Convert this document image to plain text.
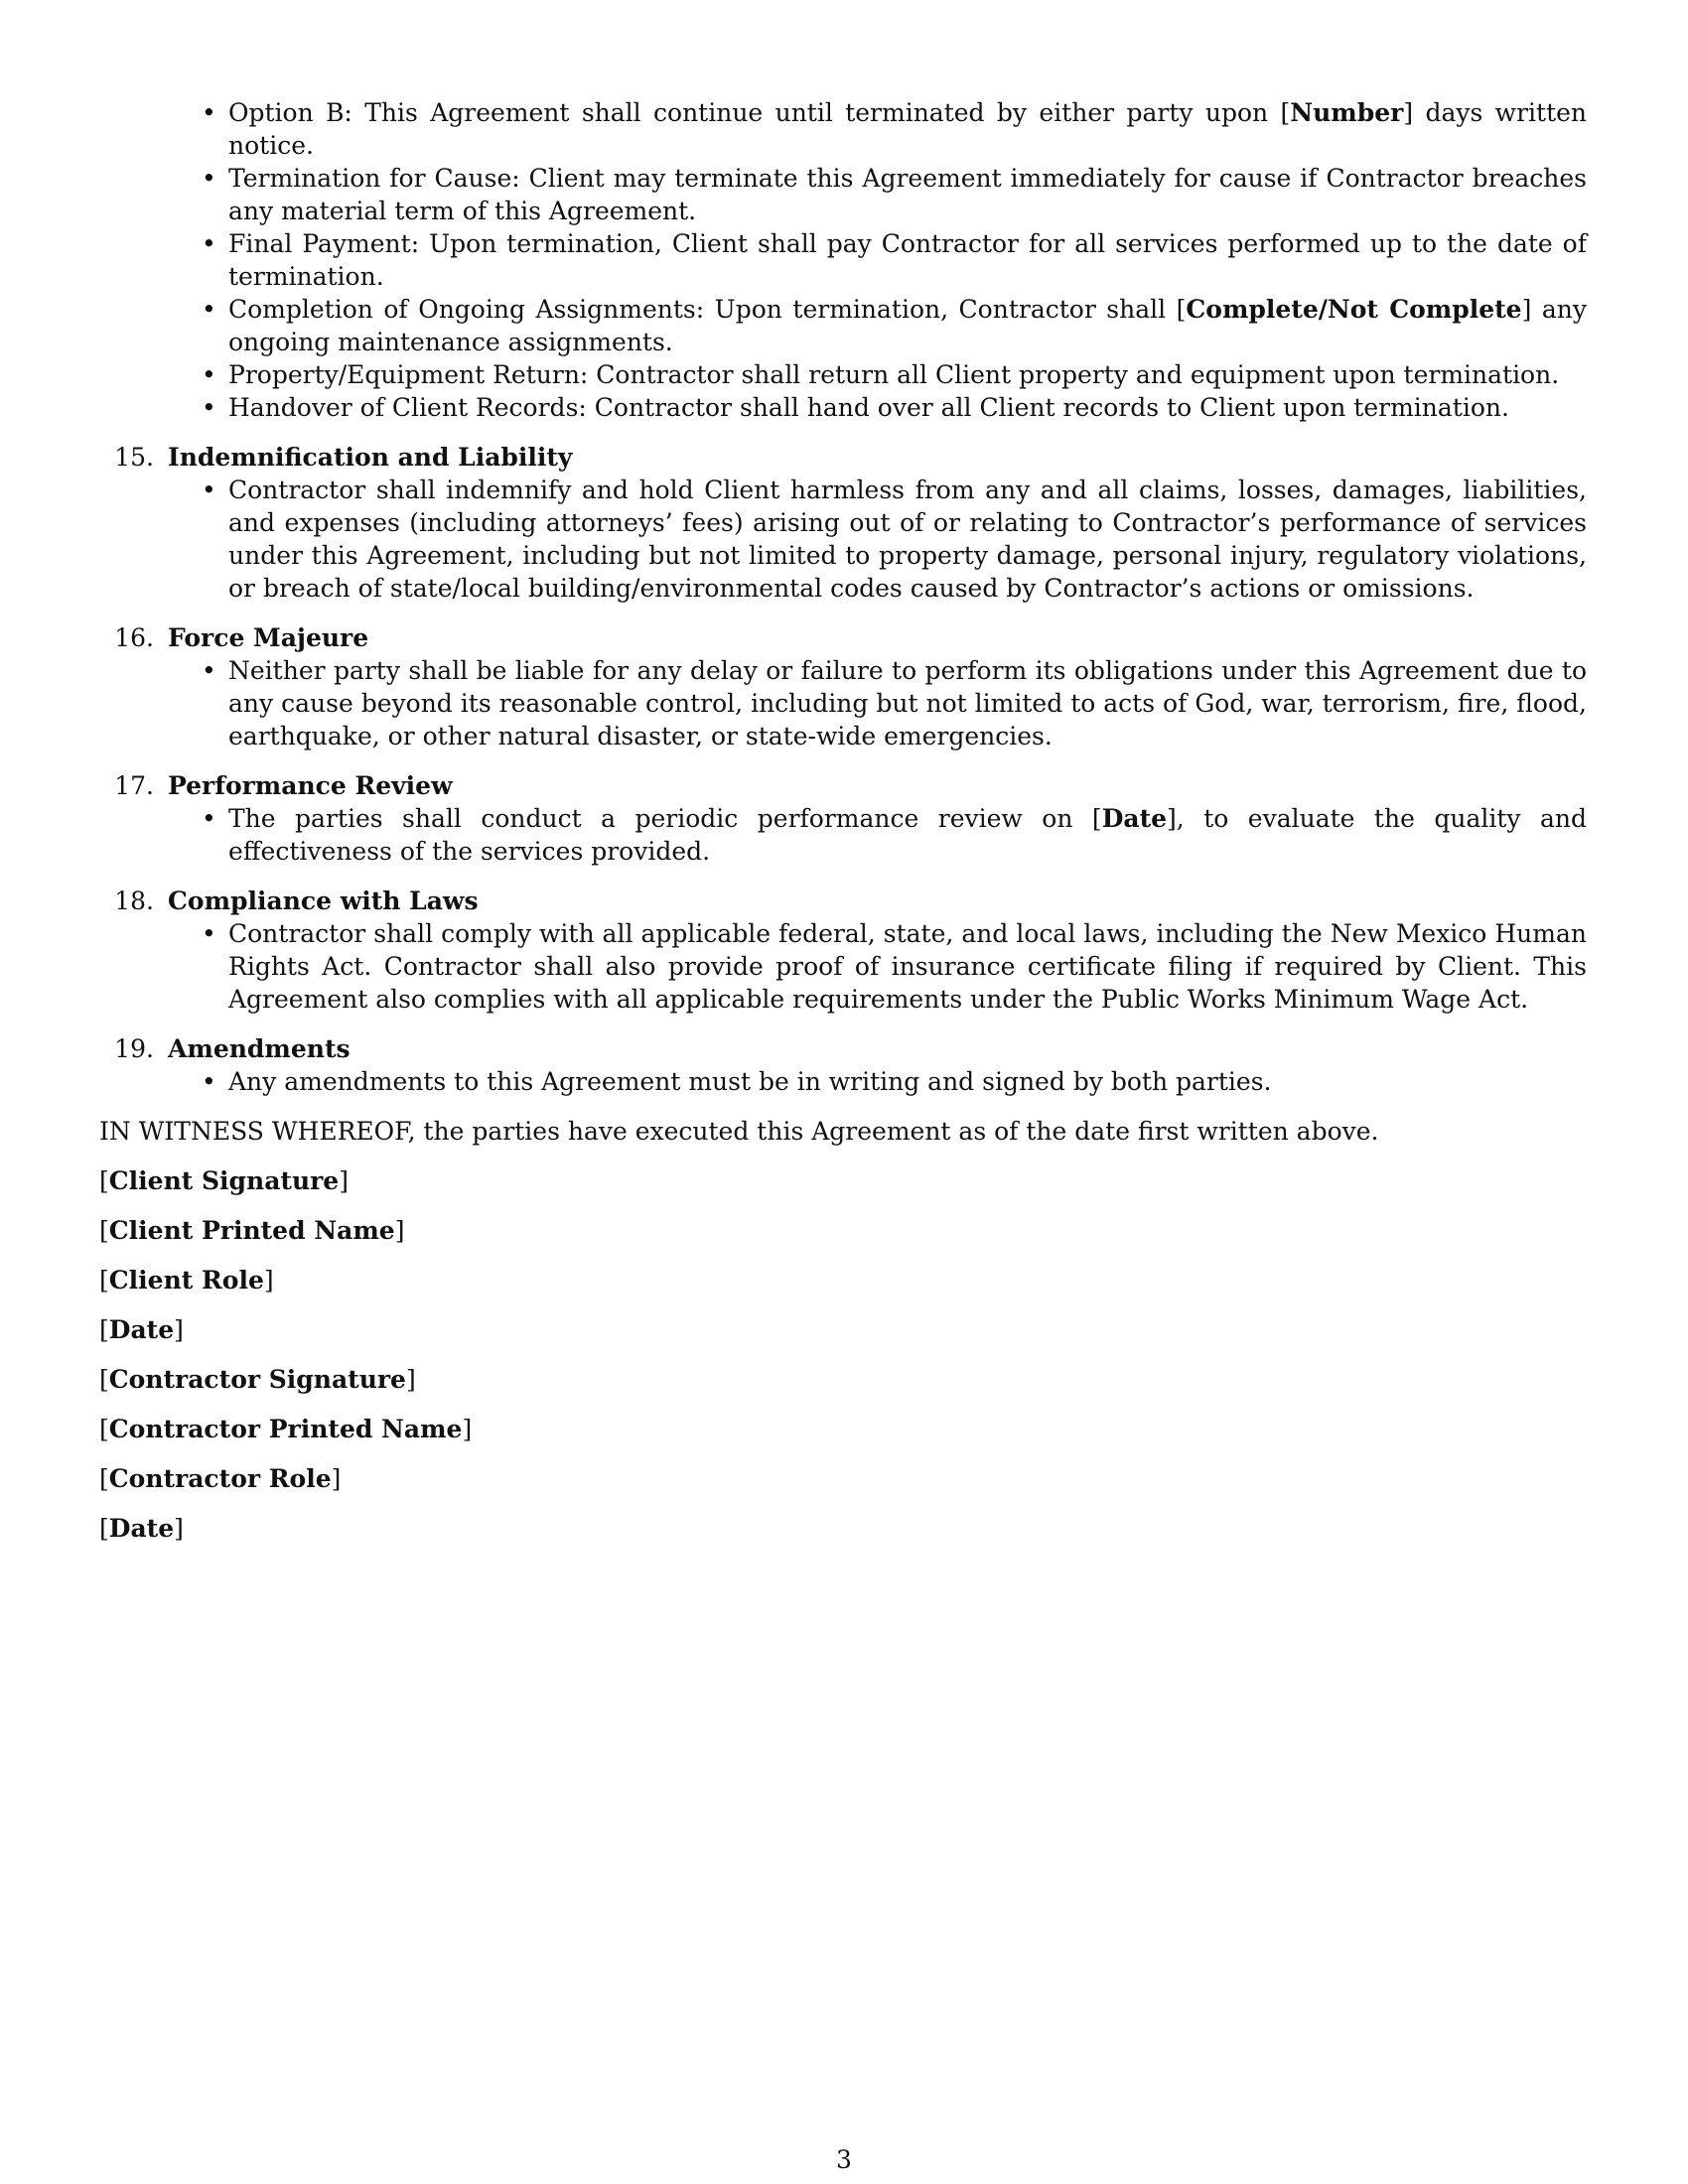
• Option B: This Agreement shall continue until terminated by either party upon [Number] days written notice.
• Termination for Cause: Client may terminate this Agreement immediately for cause if Contractor breaches any material term of this Agreement.
• Final Payment: Upon termination, Client shall pay Contractor for all services performed up to the date of termination.
• Completion of Ongoing Assignments: Upon termination, Contractor shall [Complete/Not Complete] any ongoing maintenance assignments.
• Property/Equipment Return: Contractor shall return all Client property and equipment upon termination.
• Handover of Client Records: Contractor shall hand over all Client records to Client upon termination.
15. Indemnification and Liability
• Contractor shall indemnify and hold Client harmless from any and all claims, losses, damages, liabilities, and expenses (including attorneys’ fees) arising out of or relating to Contractor’s performance of services under this Agreement, including but not limited to property damage, personal injury, regulatory violations, or breach of state/local building/environmental codes caused by Contractor’s actions or omissions.
16. Force Majeure
• Neither party shall be liable for any delay or failure to perform its obligations under this Agreement due to any cause beyond its reasonable control, including but not limited to acts of God, war, terrorism, fire, flood, earthquake, or other natural disaster, or state-wide emergencies.
17. Performance Review
• The parties shall conduct a periodic performance review on [Date], to evaluate the quality and effectiveness of the services provided.
18. Compliance with Laws
• Contractor shall comply with all applicable federal, state, and local laws, including the New Mexico Human Rights Act. Contractor shall also provide proof of insurance certificate filing if required by Client. This Agreement also complies with all applicable requirements under the Public Works Minimum Wage Act.
19. Amendments
• Any amendments to this Agreement must be in writing and signed by both parties.
IN WITNESS WHEREOF, the parties have executed this Agreement as of the date first written above.
[Client Signature]
[Client Printed Name]
[Client Role]
[Date]
[Contractor Signature]
[Contractor Printed Name]
[Contractor Role]
[Date]
3
